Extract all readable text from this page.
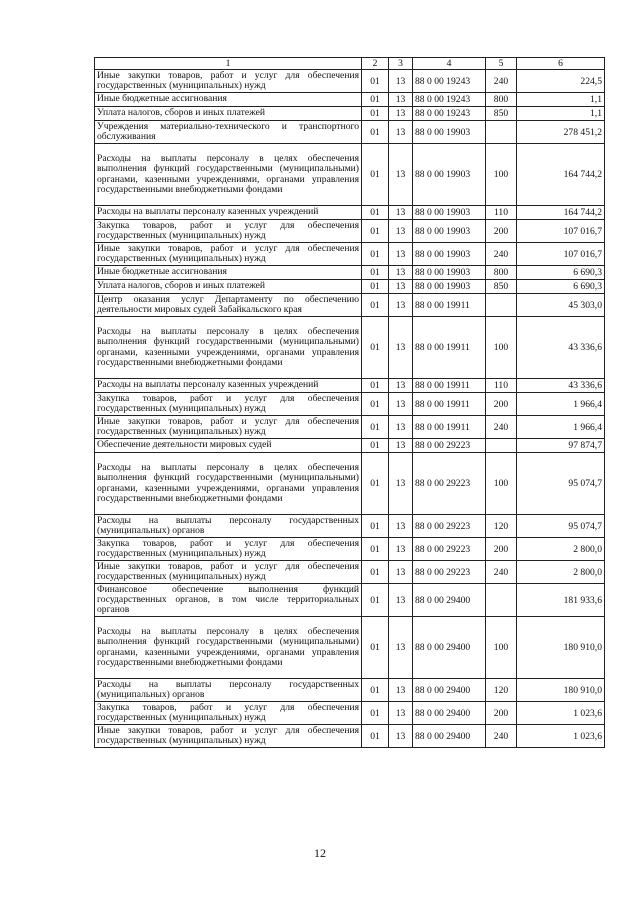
1	2	3	4	5	6
Иные закупки товаров, работ и услуг для обеспечения государственных (муниципальных) нужд	01	13	88 0 00 19243	240	224,5
Иные бюджетные ассигнования	01	13	88 0 00 19243	800	1,1
Уплата налогов, сборов и иных платежей	01	13	88 0 00 19243	850	1,1
Учреждения материально-технического и транспортного обслуживания	01	13	88 0 00 19903		278 451,2
Расходы на выплаты персоналу в целях обеспечения выполнения функций государственными (муниципальными) органами, казенными учреждениями, органами управления государственными внебюджетными фондами	01	13	88 0 00 19903	100	164 744,2
Расходы на выплаты персоналу казенных учреждений	01	13	88 0 00 19903	110	164 744,2
Закупка товаров, работ и услуг для обеспечения государственных (муниципальных) нужд	01	13	88 0 00 19903	200	107 016,7
Иные закупки товаров, работ и услуг для обеспечения государственных (муниципальных) нужд	01	13	88 0 00 19903	240	107 016,7
Иные бюджетные ассигнования	01	13	88 0 00 19903	800	6 690,3
Уплата налогов, сборов и иных платежей	01	13	88 0 00 19903	850	6 690,3
Центр оказания услуг Департаменту по обеспечению деятельности мировых судей Забайкальского края	01	13	88 0 00 19911		45 303,0
Расходы на выплаты персоналу в целях обеспечения выполнения функций государственными (муниципальными) органами, казенными учреждениями, органами управления государственными внебюджетными фондами	01	13	88 0 00 19911	100	43 336,6
Расходы на выплаты персоналу казенных учреждений	01	13	88 0 00 19911	110	43 336,6
Закупка товаров, работ и услуг для обеспечения государственных (муниципальных) нужд	01	13	88 0 00 19911	200	1 966,4
Иные закупки товаров, работ и услуг для обеспечения государственных (муниципальных) нужд	01	13	88 0 00 19911	240	1 966,4
Обеспечение деятельности мировых судей	01	13	88 0 00 29223		97 874,7
Расходы на выплаты персоналу в целях обеспечения выполнения функций государственными (муниципальными) органами, казенными учреждениями, органами управления государственными внебюджетными фондами	01	13	88 0 00 29223	100	95 074,7
Расходы на выплаты персоналу государственных (муниципальных) органов	01	13	88 0 00 29223	120	95 074,7
Закупка товаров, работ и услуг для обеспечения государственных (муниципальных) нужд	01	13	88 0 00 29223	200	2 800,0
Иные закупки товаров, работ и услуг для обеспечения государственных (муниципальных) нужд	01	13	88 0 00 29223	240	2 800,0
Финансовое обеспечение выполнения функций государственных органов, в том числе территориальных органов	01	13	88 0 00 29400		181 933,6
Расходы на выплаты персоналу в целях обеспечения выполнения функций государственными (муниципальными) органами, казенными учреждениями, органами управления государственными внебюджетными фондами	01	13	88 0 00 29400	100	180 910,0
Расходы на выплаты персоналу государственных (муниципальных) органов	01	13	88 0 00 29400	120	180 910,0
Закупка товаров, работ и услуг для обеспечения государственных (муниципальных) нужд	01	13	88 0 00 29400	200	1 023,6
Иные закупки товаров, работ и услуг для обеспечения государственных (муниципальных) нужд	01	13	88 0 00 29400	240	1 023,6
12
